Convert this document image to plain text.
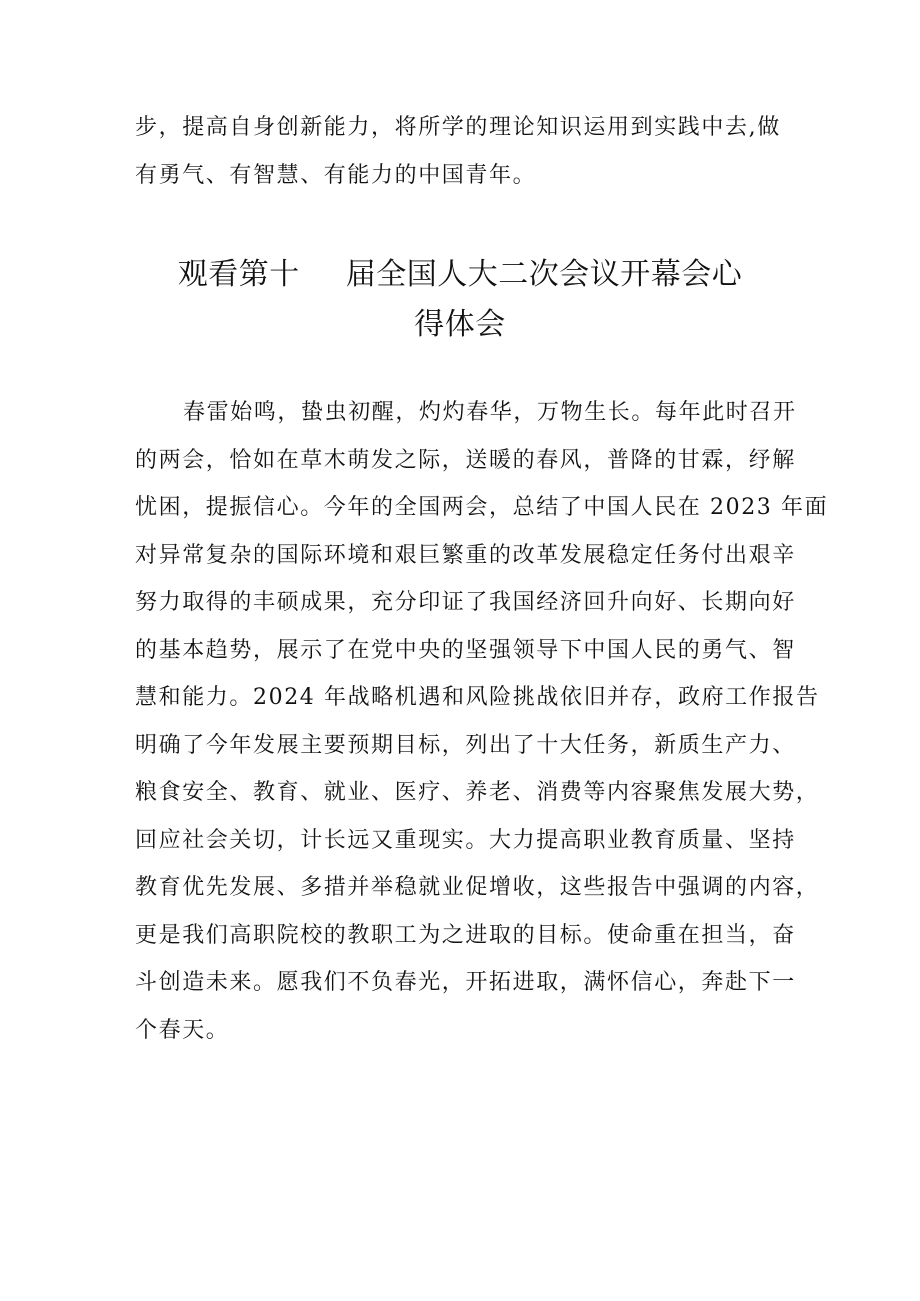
步，提高自身创新能力，将所学的理论知识运用到实践中去,做
有勇气、有智慧、有能力的中国青年。
观看第十 届全国人大二次会议开幕会心
得体会
春雷始鸣，蛰虫初醒，灼灼春华，万物生长。每年此时召开
的两会，恰如在草木萌发之际，送暖的春风，普降的甘霖，纾解
忧困，提振信心。今年的全国两会，总结了中国人民在 2023 年面
对异常复杂的国际环境和艰巨繁重的改革发展稳定任务付出艰辛
努力取得的丰硕成果，充分印证了我国经济回升向好、长期向好
的基本趋势，展示了在党中央的坚强领导下中国人民的勇气、智
慧和能力。2024 年战略机遇和风险挑战依旧并存，政府工作报告
明确了今年发展主要预期目标，列出了十大任务，新质生产力、
粮食安全、教育、就业、医疗、养老、消费等内容聚焦发展大势，
回应社会关切，计长远又重现实。大力提高职业教育质量、坚持
教育优先发展、多措并举稳就业促增收，这些报告中强调的内容，
更是我们高职院校的教职工为之进取的目标。使命重在担当，奋
斗创造未来。愿我们不负春光，开拓进取，满怀信心，奔赴下一
个春天。
